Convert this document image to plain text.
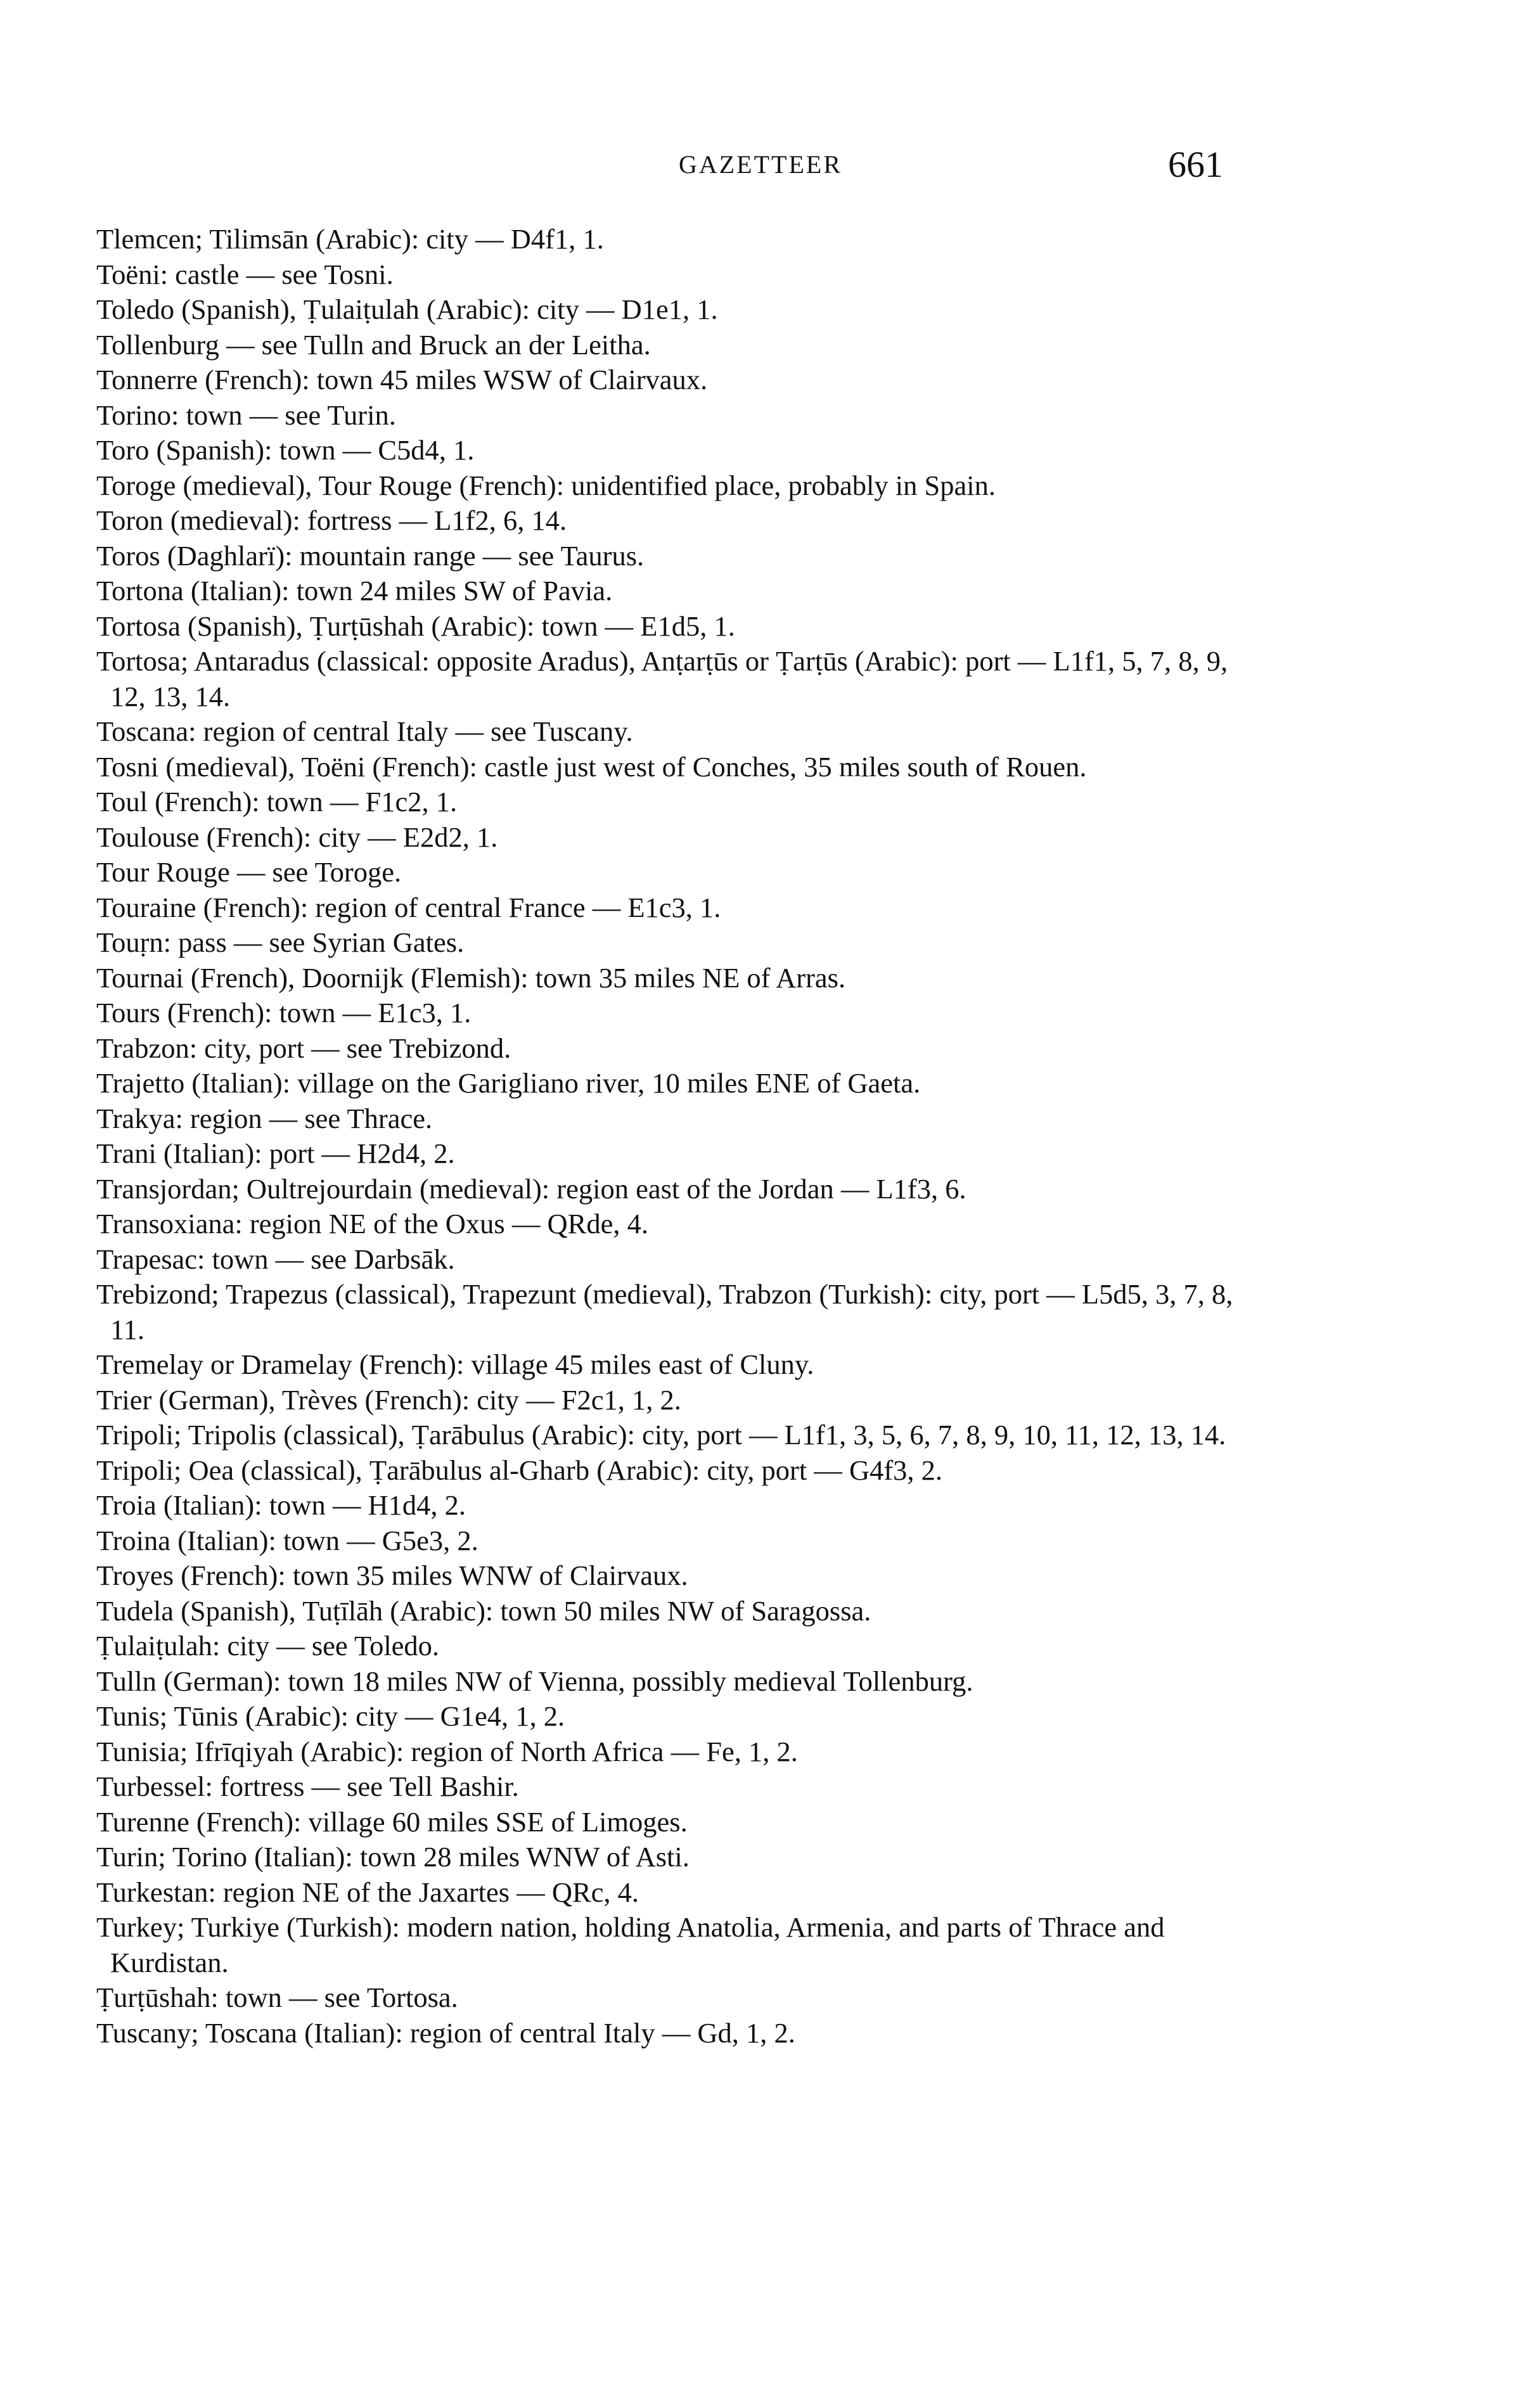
GAZETTEER	661
Tlemcen; Tilimsān (Arabic): city — D4f1, 1.
Toëni: castle — see Tosni.
Toledo (Spanish), Ṭulaiṭulah (Arabic): city — D1e1, 1.
Tollenburg — see Tulln and Bruck an der Leitha.
Tonnerre (French): town 45 miles WSW of Clairvaux.
Torino: town — see Turin.
Toro (Spanish): town — C5d4, 1.
Toroge (medieval), Tour Rouge (French): unidentified place, probably in Spain.
Toron (medieval): fortress — L1f2, 6, 14.
Toros (Daghlarï): mountain range — see Taurus.
Tortona (Italian): town 24 miles SW of Pavia.
Tortosa (Spanish), Ṭurṭūshah (Arabic): town — E1d5, 1.
Tortosa; Antaradus (classical: opposite Aradus), Anṭarṭūs or Ṭarṭūs (Arabic): port — L1f1, 5, 7, 8, 9, 12, 13, 14.
Toscana: region of central Italy — see Tuscany.
Tosni (medieval), Toëni (French): castle just west of Conches, 35 miles south of Rouen.
Toul (French): town — F1c2, 1.
Toulouse (French): city — E2d2, 1.
Tour Rouge — see Toroge.
Touraine (French): region of central France — E1c3, 1.
Touṛn: pass — see Syrian Gates.
Tournai (French), Doornijk (Flemish): town 35 miles NE of Arras.
Tours (French): town — E1c3, 1.
Trabzon: city, port — see Trebizond.
Trajetto (Italian): village on the Garigliano river, 10 miles ENE of Gaeta.
Trakya: region — see Thrace.
Trani (Italian): port — H2d4, 2.
Transjordan; Oultrejourdain (medieval): region east of the Jordan — L1f3, 6.
Transoxiana: region NE of the Oxus — QRde, 4.
Trapesac: town — see Darbsāk.
Trebizond; Trapezus (classical), Trapezunt (medieval), Trabzon (Turkish): city, port — L5d5, 3, 7, 8, 11.
Tremelay or Dramelay (French): village 45 miles east of Cluny.
Trier (German), Trèves (French): city — F2c1, 1, 2.
Tripoli; Tripolis (classical), Ṭarābulus (Arabic): city, port — L1f1, 3, 5, 6, 7, 8, 9, 10, 11, 12, 13, 14.
Tripoli; Oea (classical), Ṭarābulus al-Gharb (Arabic): city, port — G4f3, 2.
Troia (Italian): town — H1d4, 2.
Troina (Italian): town — G5e3, 2.
Troyes (French): town 35 miles WNW of Clairvaux.
Tudela (Spanish), Tuṭīlāh (Arabic): town 50 miles NW of Saragossa.
Ṭulaiṭulah: city — see Toledo.
Tulln (German): town 18 miles NW of Vienna, possibly medieval Tollenburg.
Tunis; Tūnis (Arabic): city — G1e4, 1, 2.
Tunisia; Ifrīqiyah (Arabic): region of North Africa — Fe, 1, 2.
Turbessel: fortress — see Tell Bashir.
Turenne (French): village 60 miles SSE of Limoges.
Turin; Torino (Italian): town 28 miles WNW of Asti.
Turkestan: region NE of the Jaxartes — QRc, 4.
Turkey; Turkiye (Turkish): modern nation, holding Anatolia, Armenia, and parts of Thrace and Kurdistan.
Ṭurṭūshah: town — see Tortosa.
Tuscany; Toscana (Italian): region of central Italy — Gd, 1, 2.
